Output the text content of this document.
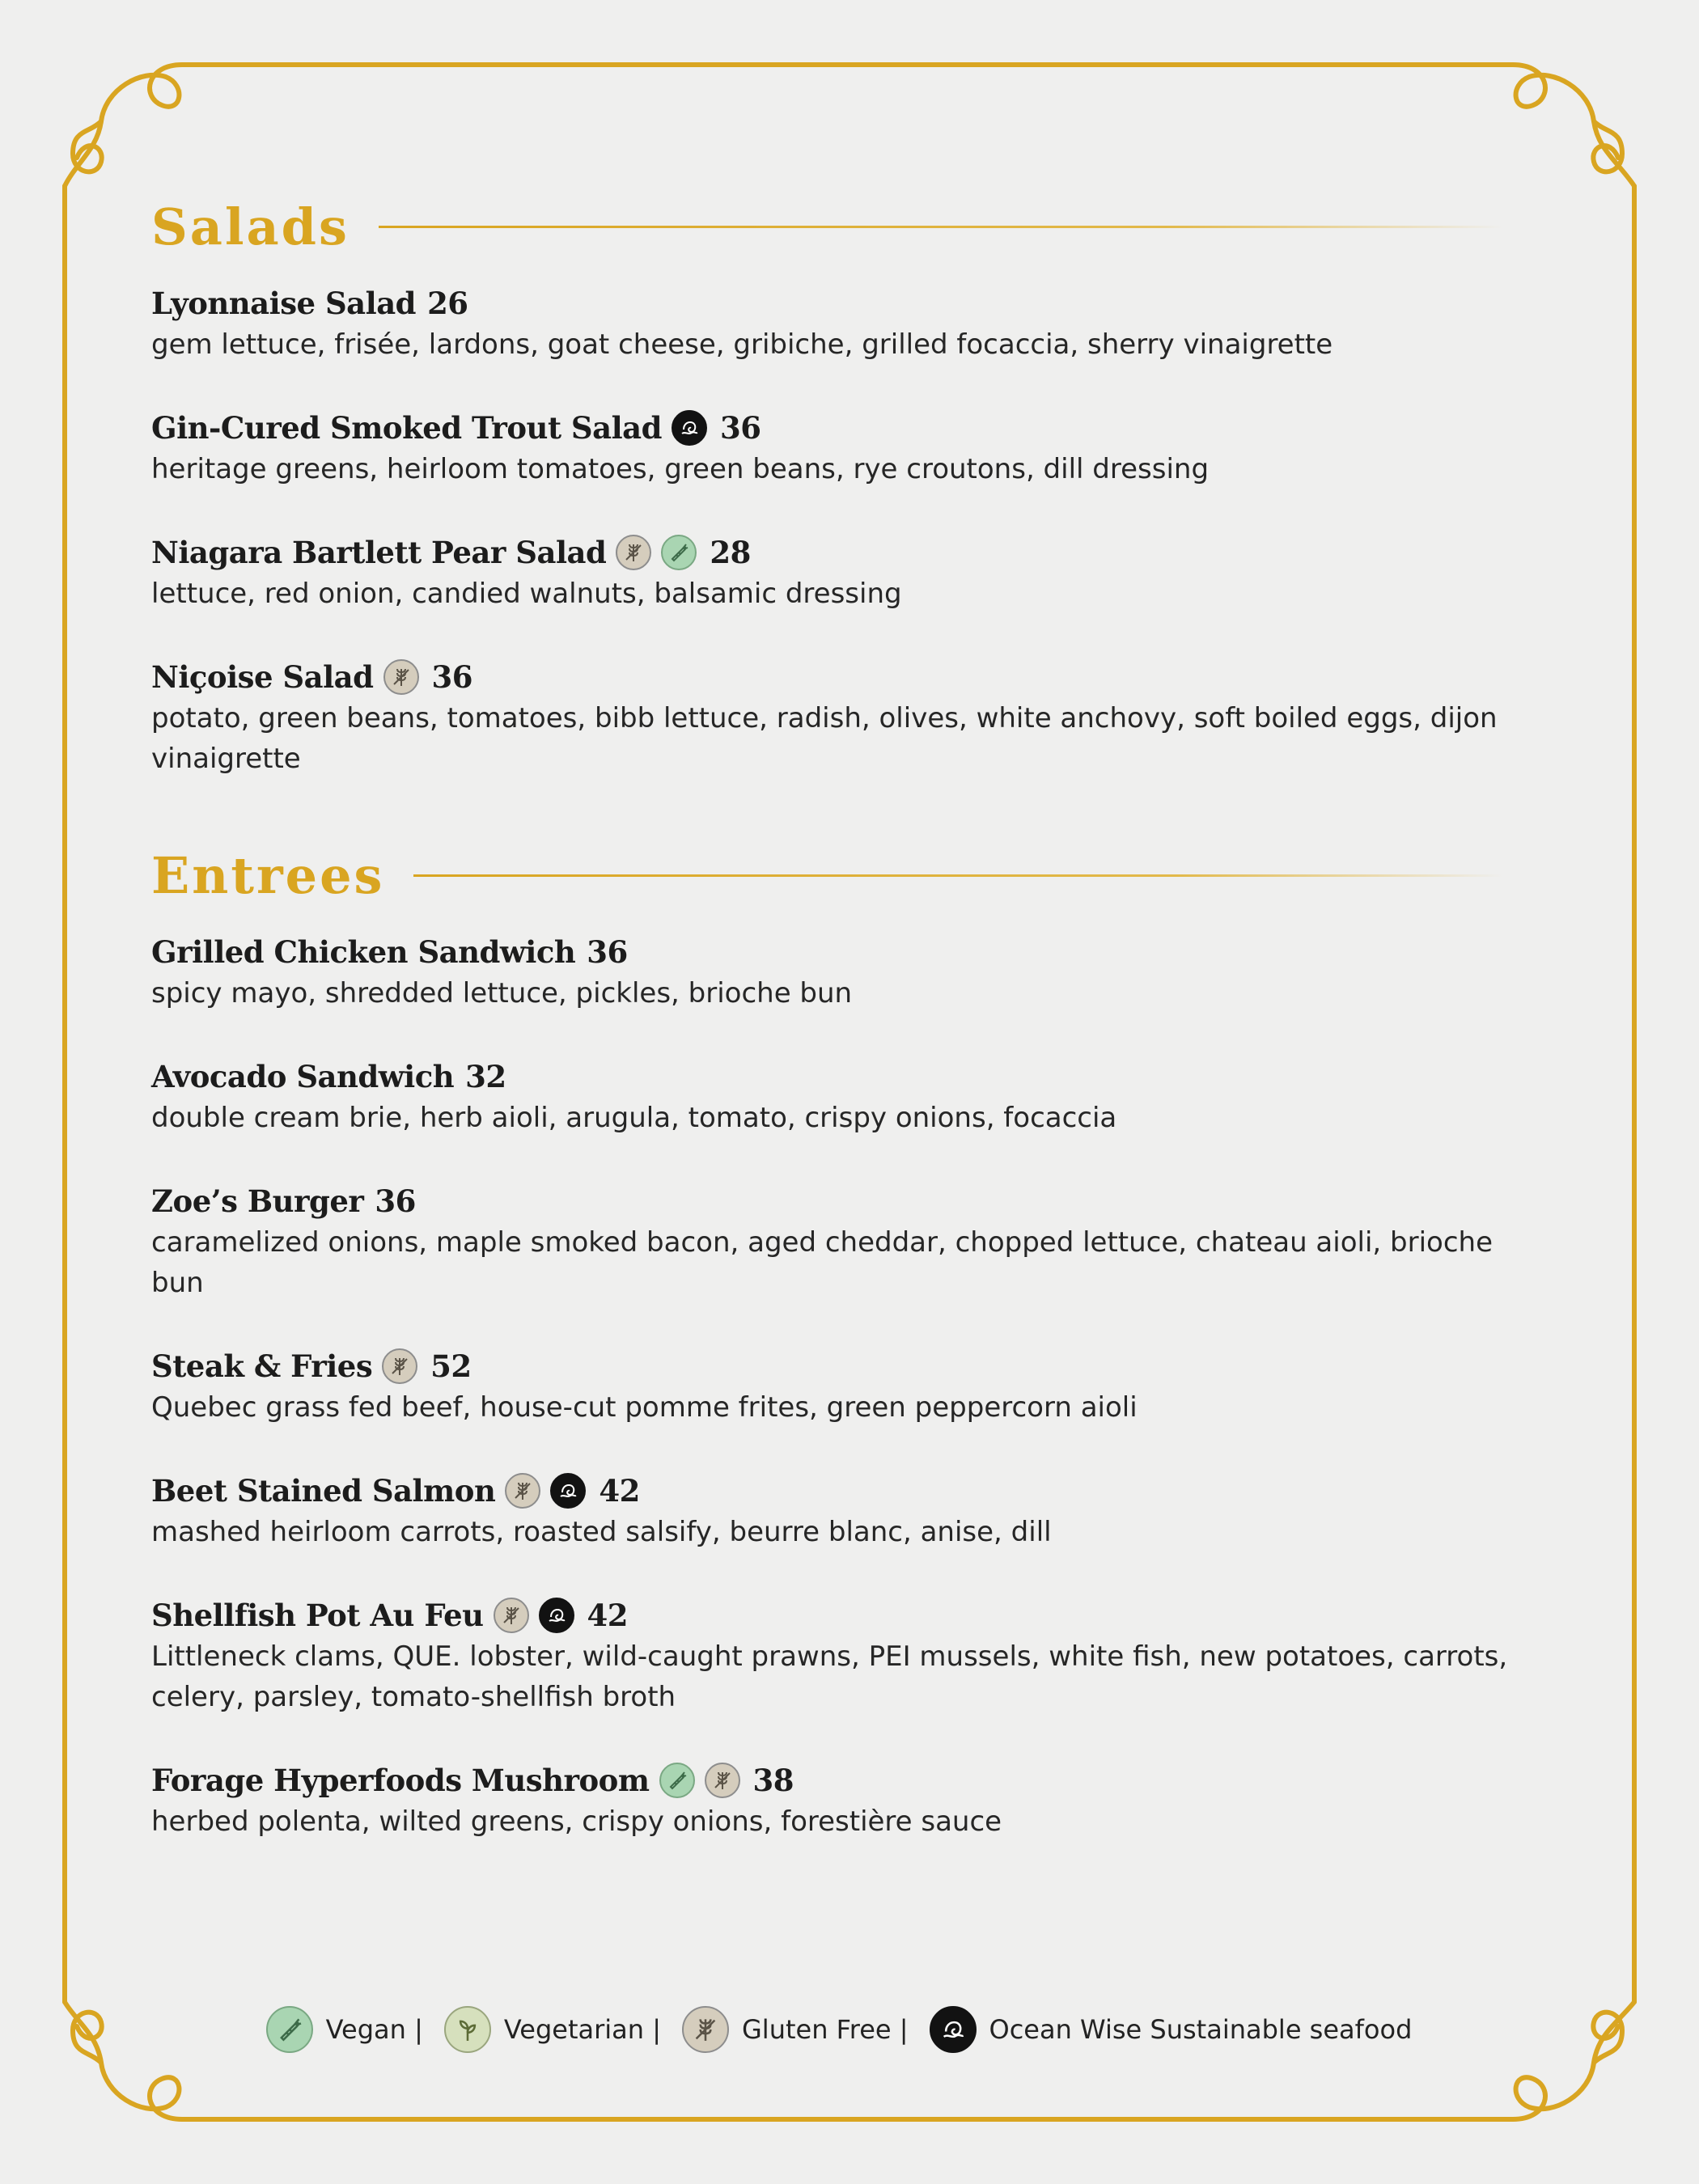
Salads
Lyonnaise Salad 26
gem lettuce, frisée, lardons, goat cheese, gribiche, grilled focaccia, sherry vinaigrette
Gin-Cured Smoked Trout Salad 36
heritage greens, heirloom tomatoes, green beans, rye croutons, dill dressing
Niagara Bartlett Pear Salad	28
lettuce, red onion, candied walnuts, balsamic dressing
Niçoise Salad 36
potato, green beans, tomatoes, bibb lettuce, radish, olives, white anchovy, soft boiled eggs, dijon vinaigrette
Entrees
Grilled Chicken Sandwich 36
spicy mayo, shredded lettuce, pickles, brioche bun
Avocado Sandwich 32
double cream brie, herb aioli, arugula, tomato, crispy onions, focaccia
Zoe’s Burger 36
caramelized onions, maple smoked bacon, aged cheddar, chopped lettuce, chateau aioli, brioche bun
Steak & Fries 52
Quebec grass fed beef, house-cut pomme frites, green peppercorn aioli
Beet Stained Salmon	42
mashed heirloom carrots, roasted salsify, beurre blanc, anise, dill
Shellfish Pot Au Feu	42
Littleneck clams, QUE. lobster, wild-caught prawns, PEI mussels, white fish, new potatoes, carrots, celery, parsley, tomato-shellfish broth
Forage Hyperfoods Mushroom	38
herbed polenta, wilted greens, crispy onions, forestière sauce
Vegan |	Vegetarian |	Gluten Free |	Ocean Wise Sustainable seafood
